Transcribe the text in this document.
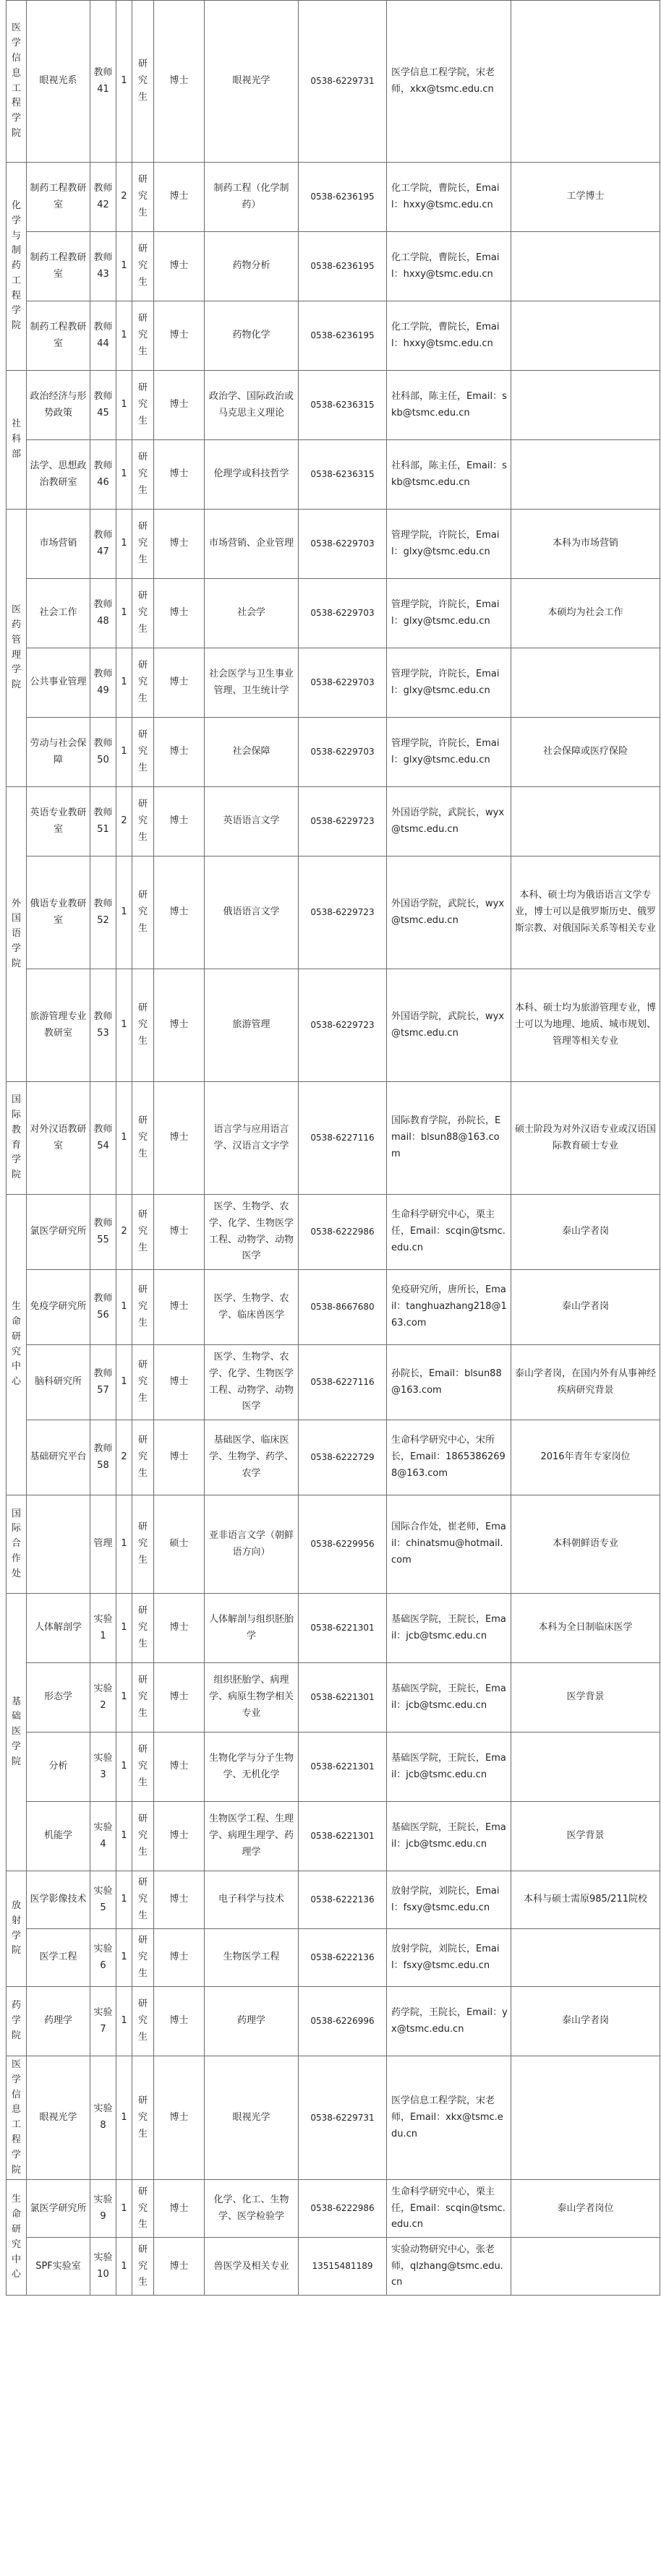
医学信息工程学院	眼视光系	教师41	1	研究生	博士	眼视光学	0538-6229731	医学信息工程学院，宋老师，xkx@tsmc.edu.cn	
化学与制药工程学院	制药工程教研室	教师42	2	研究生	博士	制药工程（化学制药）	0538-6236195	化工学院，曹院长，Email：hxxy@tsmc.edu.cn	工学博士
	制药工程教研室	教师43	1	研究生	博士	药物分析	0538-6236195	化工学院，曹院长，Email：hxxy@tsmc.edu.cn	
	制药工程教研室	教师44	1	研究生	博士	药物化学	0538-6236195	化工学院，曹院长，Email：hxxy@tsmc.edu.cn	
社科部	政治经济与形势政策	教师45	1	研究生	博士	政治学、国际政治或马克思主义理论	0538-6236315	社科部，陈主任，Email：skb@tsmc.edu.cn	
	法学、思想政治教研室	教师46	1	研究生	博士	伦理学或科技哲学	0538-6236315	社科部，陈主任，Email：skb@tsmc.edu.cn	
医药管理学院	市场营销	教师47	1	研究生	博士	市场营销、企业管理	0538-6229703	管理学院，许院长，Email：glxy@tsmc.edu.cn	本科为市场营销
	社会工作	教师48	1	研究生	博士	社会学	0538-6229703	管理学院，许院长，Email：glxy@tsmc.edu.cn	本硕均为社会工作
	公共事业管理	教师49	1	研究生	博士	社会医学与卫生事业管理、卫生统计学	0538-6229703	管理学院，许院长，Email：glxy@tsmc.edu.cn	
	劳动与社会保障	教师50	1	研究生	博士	社会保障	0538-6229703	管理学院，许院长，Email：glxy@tsmc.edu.cn	社会保障或医疗保险
外国语学院	英语专业教研室	教师51	2	研究生	博士	英语语言文学	0538-6229723	外国语学院，武院长，wyx@tsmc.edu.cn	
	俄语专业教研室	教师52	1	研究生	博士	俄语语言文学	0538-6229723	外国语学院，武院长，wyx@tsmc.edu.cn	本科、硕士均为俄语语言文学专业，博士可以是俄罗斯历史、俄罗斯宗教、对俄国际关系等相关专业
	旅游管理专业教研室	教师53	1	研究生	博士	旅游管理	0538-6229723	外国语学院，武院长，wyx@tsmc.edu.cn	本科、硕士均为旅游管理专业，博士可以为地理、地质、城市规划、管理等相关专业
国际教育学院	对外汉语教研室	教师54	1	研究生	博士	语言学与应用语言学、汉语言文字学	0538-6227116	国际教育学院，孙院长，Email：blsun88@163.com	硕士阶段为对外汉语专业或汉语国际教育硕士专业
生命研究中心	氯医学研究所	教师55	2	研究生	博士	医学、生物学、农学、化学、生物医学工程、动物学、动物医学	0538-6222986	生命科学研究中心，栗主任，Email：scqin@tsmc.edu.cn	泰山学者岗
	免疫学研究所	教师56	1	研究生	博士	医学、生物学、农学、临床兽医学	0538-8667680	免疫研究所，唐所长，Email：tanghuazhang218@163.com	泰山学者岗
	脑科研究所	教师57	1	研究生	博士	医学、生物学、农学、化学、生物医学工程、动物学、动物医学	0538-6227116	孙院长，Email：blsun88@163.com	泰山学者岗，在国内外有从事神经疾病研究背景
	基础研究平台	教师58	2	研究生	博士	基础医学、临床医学、生物学、药学、农学	0538-6222729	生命科学研究中心，宋所长，Email：18653862698@163.com	2016年青年专家岗位
国际合作处		管理	1	研究生	硕士	亚非语言文学（朝鲜语方向）	0538-6229956	国际合作处，崔老师，Email：chinatsmu@hotmail.com	本科朝鲜语专业
基础医学院	人体解剖学	实验1	1	研究生	博士	人体解剖与组织胚胎学	0538-6221301	基础医学院，王院长，Email：jcb@tsmc.edu.cn	本科为全日制临床医学
	形态学	实验2	1	研究生	博士	组织胚胎学、病理学、病原生物学相关专业	0538-6221301	基础医学院，王院长，Email：jcb@tsmc.edu.cn	医学背景
	分析	实验3	1	研究生	博士	生物化学与分子生物学、无机化学	0538-6221301	基础医学院，王院长，Email：jcb@tsmc.edu.cn	
	机能学	实验4	1	研究生	博士	生物医学工程、生理学、病理生理学、药理学	0538-6221301	基础医学院，王院长，Email：jcb@tsmc.edu.cn	医学背景
放射学院	医学影像技术	实验5	1	研究生	博士	电子科学与技术	0538-6222136	放射学院，刘院长，Email：fsxy@tsmc.edu.cn	本科与硕士需原985/211院校
	医学工程	实验6	1	研究生	博士	生物医学工程	0538-6222136	放射学院，刘院长，Email：fsxy@tsmc.edu.cn	
药学院	药理学	实验7	1	研究生	博士	药理学	0538-6226996	药学院，王院长，Email：yx@tsmc.edu.cn	泰山学者岗
医学信息工程学院	眼视光学	实验8	1	研究生	博士	眼视光学	0538-6229731	医学信息工程学院，宋老师，Email：xkx@tsmc.edu.cn	
生命研究中心	氯医学研究所	实验9	1	研究生	博士	化学、化工、生物学、医学检验学	0538-6222986	生命科学研究中心，栗主任，Email：scqin@tsmc.edu.cn	泰山学者岗位
	SPF实验室	实验10	1	研究生	博士	兽医学及相关专业	13515481189	实验动物研究中心，张老师，qlzhang@tsmc.edu.cn	
